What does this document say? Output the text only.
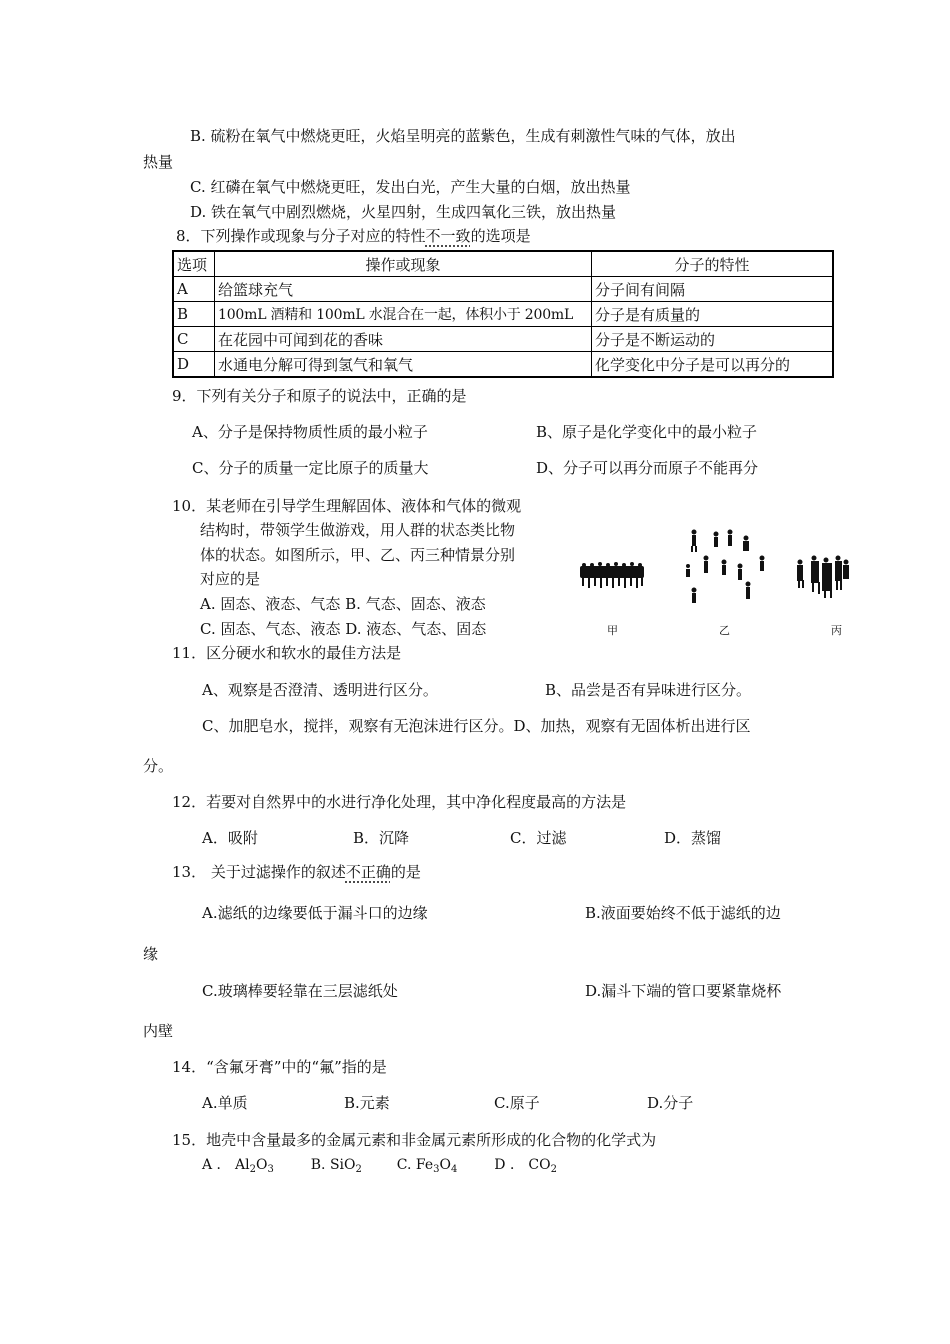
B. 硫粉在氧气中燃烧更旺，火焰呈明亮的蓝紫色，生成有刺激性气味的气体，放出
热量
C. 红磷在氧气中燃烧更旺，发出白光，产生大量的白烟，放出热量
D. 铁在氧气中剧烈燃烧，火星四射，生成四氧化三铁，放出热量
8．下列操作或现象与分子对应的特性不一致的选项是
选项	操作或现象	分子的特性
A	给篮球充气	分子间有间隔
B	100mL 酒精和 100mL 水混合在一起，体积小于 200mL	分子是有质量的
C	在花园中可闻到花的香味	分子是不断运动的
D	水通电分解可得到氢气和氧气	化学变化中分子是可以再分的
9．下列有关分子和原子的说法中，正确的是
A、分子是保持物质性质的最小粒子	B、原子是化学变化中的最小粒子
C、分子的质量一定比原子的质量大	D、分子可以再分而原子不能再分
10．某老师在引导学生理解固体、液体和气体的微观
结构时，带领学生做游戏，用人群的状态类比物
体的状态。如图所示，甲、乙、丙三种情景分别
对应的是
A. 固态、液态、气态 B. 气态、固态、液态
C. 固态、气态、液态 D. 液态、气态、固态	甲	乙	丙
11．区分硬水和软水的最佳方法是
A、观察是否澄清、透明进行区分。	B、品尝是否有异味进行区分。
C、加肥皂水，搅拌，观察有无泡沫进行区分。D、加热，观察有无固体析出进行区
分。
12．若要对自然界中的水进行净化处理，其中净化程度最高的方法是
A．吸附	B．沉降	C．过滤	D．蒸馏
13． 关于过滤操作的叙述不正确的是
A.滤纸的边缘要低于漏斗口的边缘	B.液面要始终不低于滤纸的边
缘
C.玻璃棒要轻靠在三层滤纸处	D.漏斗下端的管口要紧靠烧杯
内壁
14．“含氟牙膏”中的“氟”指的是
A.单质	B.元素	C.原子	D.分子
15．地壳中含量最多的金属元素和非金属元素所形成的化合物的化学式为
A ． $Al_2O_3$	B. SiO$_2$ C. $Fe_3O_4$	D ． $CO_2$
